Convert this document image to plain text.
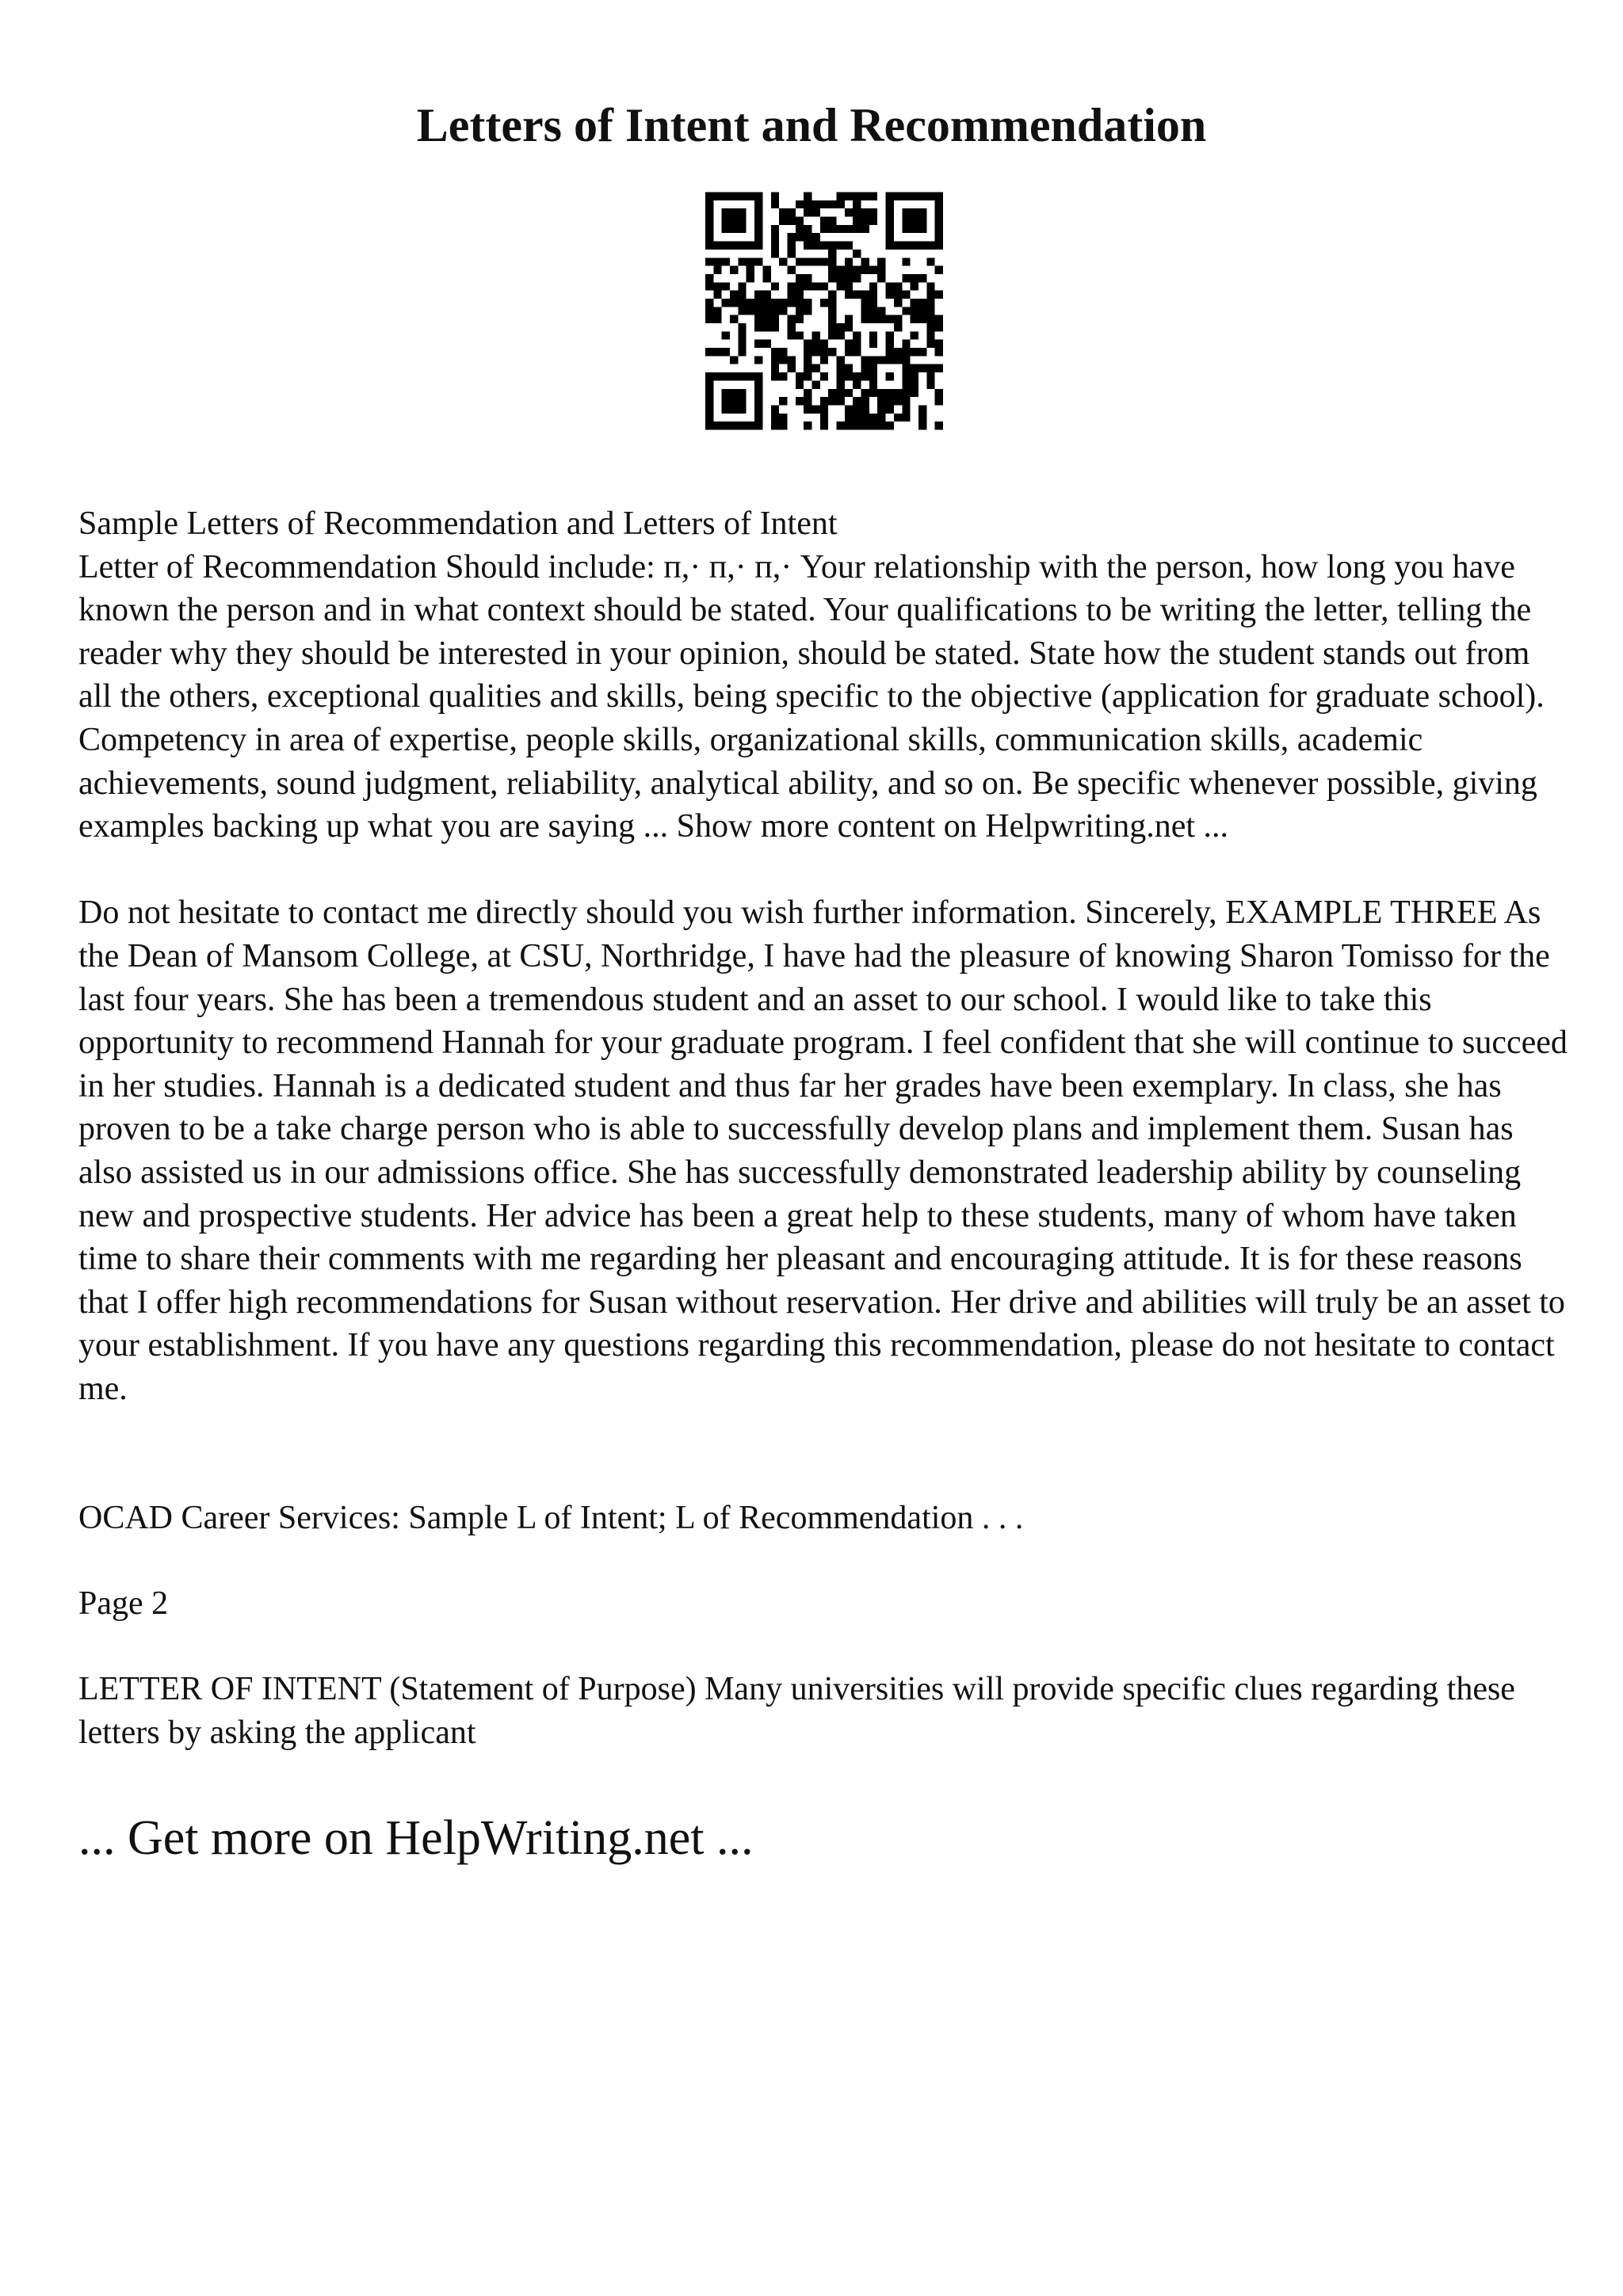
Letters of Intent and Recommendation

Sample Letters of Recommendation and Letters of Intent

Letter of Recommendation Should include: п,· п,· п,· Your relationship with the person, how long you have known the person and in what context should be stated. Your qualifications to be writing the letter, telling the reader why they should be interested in your opinion, should be stated. State how the student stands out from all the others, exceptional qualities and skills, being specific to the objective (application for graduate school). Competency in area of expertise, people skills, organizational skills, communication skills, academic achievements, sound judgment, reliability, analytical ability, and so on. Be specific whenever possible, giving examples backing up what you are saying ... Show more content on Helpwriting.net ...

Do not hesitate to contact me directly should you wish further information. Sincerely, EXAMPLE THREE As the Dean of Mansom College, at CSU, Northridge, I have had the pleasure of knowing Sharon Tomisso for the last four years. She has been a tremendous student and an asset to our school. I would like to take this opportunity to recommend Hannah for your graduate program. I feel confident that she will continue to succeed in her studies. Hannah is a dedicated student and thus far her grades have been exemplary. In class, she has proven to be a take charge person who is able to successfully develop plans and implement them. Susan has also assisted us in our admissions office. She has successfully demonstrated leadership ability by counseling new and prospective students. Her advice has been a great help to these students, many of whom have taken time to share their comments with me regarding her pleasant and encouraging attitude. It is for these reasons that I offer high recommendations for Susan without reservation. Her drive and abilities will truly be an asset to your establishment. If you have any questions regarding this recommendation, please do not hesitate to contact me.

OCAD Career Services: Sample L of Intent; L of Recommendation . . .

Page 2

LETTER OF INTENT (Statement of Purpose) Many universities will provide specific clues regarding these letters by asking the applicant

... Get more on HelpWriting.net ...
